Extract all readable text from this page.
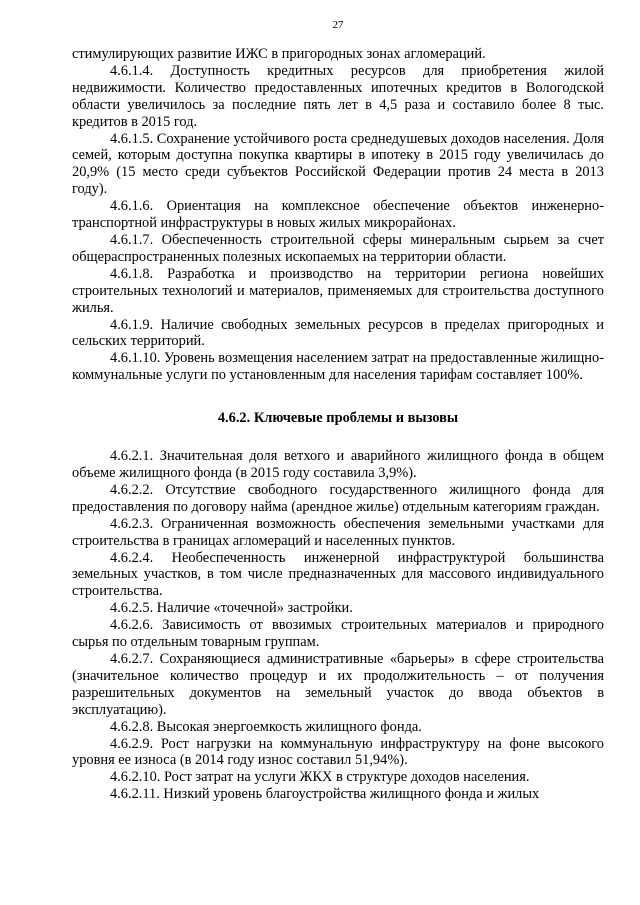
27

стимулирующих развитие ИЖС в пригородных зонах агломераций.

4.6.1.4. Доступность кредитных ресурсов для приобретения жилой недвижимости. Количество предоставленных ипотечных кредитов в Вологодской области увеличилось за последние пять лет в 4,5 раза и составило более 8 тыс. кредитов в 2015 год.

4.6.1.5. Сохранение устойчивого роста среднедушевых доходов населения. Доля семей, которым доступна покупка квартиры в ипотеку в 2015 году увеличилась до 20,9% (15 место среди субъектов Российской Федерации против 24 места в 2013 году).

4.6.1.6. Ориентация на комплексное обеспечение объектов инженерно-транспортной инфраструктуры в новых жилых микрорайонах.

4.6.1.7. Обеспеченность строительной сферы минеральным сырьем за счет общераспространенных полезных ископаемых на территории области.

4.6.1.8. Разработка и производство на территории региона новейших строительных технологий и материалов, применяемых для строительства доступного жилья.

4.6.1.9. Наличие свободных земельных ресурсов в пределах пригородных и сельских территорий.

4.6.1.10. Уровень возмещения населением затрат на предоставленные жилищно-коммунальные услуги по установленным для населения тарифам составляет 100%.

4.6.2. Ключевые проблемы и вызовы

4.6.2.1. Значительная доля ветхого и аварийного жилищного фонда в общем объеме жилищного фонда (в 2015 году составила 3,9%).

4.6.2.2. Отсутствие свободного государственного жилищного фонда для предоставления по договору найма (арендное жилье) отдельным категориям граждан.

4.6.2.3. Ограниченная возможность обеспечения земельными участками для строительства в границах агломераций и населенных пунктов.

4.6.2.4. Необеспеченность инженерной инфраструктурой большинства земельных участков, в том числе предназначенных для массового индивидуального строительства.

4.6.2.5. Наличие «точечной» застройки.

4.6.2.6. Зависимость от ввозимых строительных материалов и природного сырья по отдельным товарным группам.

4.6.2.7. Сохраняющиеся административные «барьеры» в сфере строительства (значительное количество процедур и их продолжительность – от получения разрешительных документов на земельный участок до ввода объектов в эксплуатацию).

4.6.2.8. Высокая энергоемкость жилищного фонда.

4.6.2.9. Рост нагрузки на коммунальную инфраструктуру на фоне высокого уровня ее износа (в 2014 году износ составил 51,94%).

4.6.2.10. Рост затрат на услуги ЖКХ в структуре доходов населения.

4.6.2.11. Низкий уровень благоустройства жилищного фонда и жилых
